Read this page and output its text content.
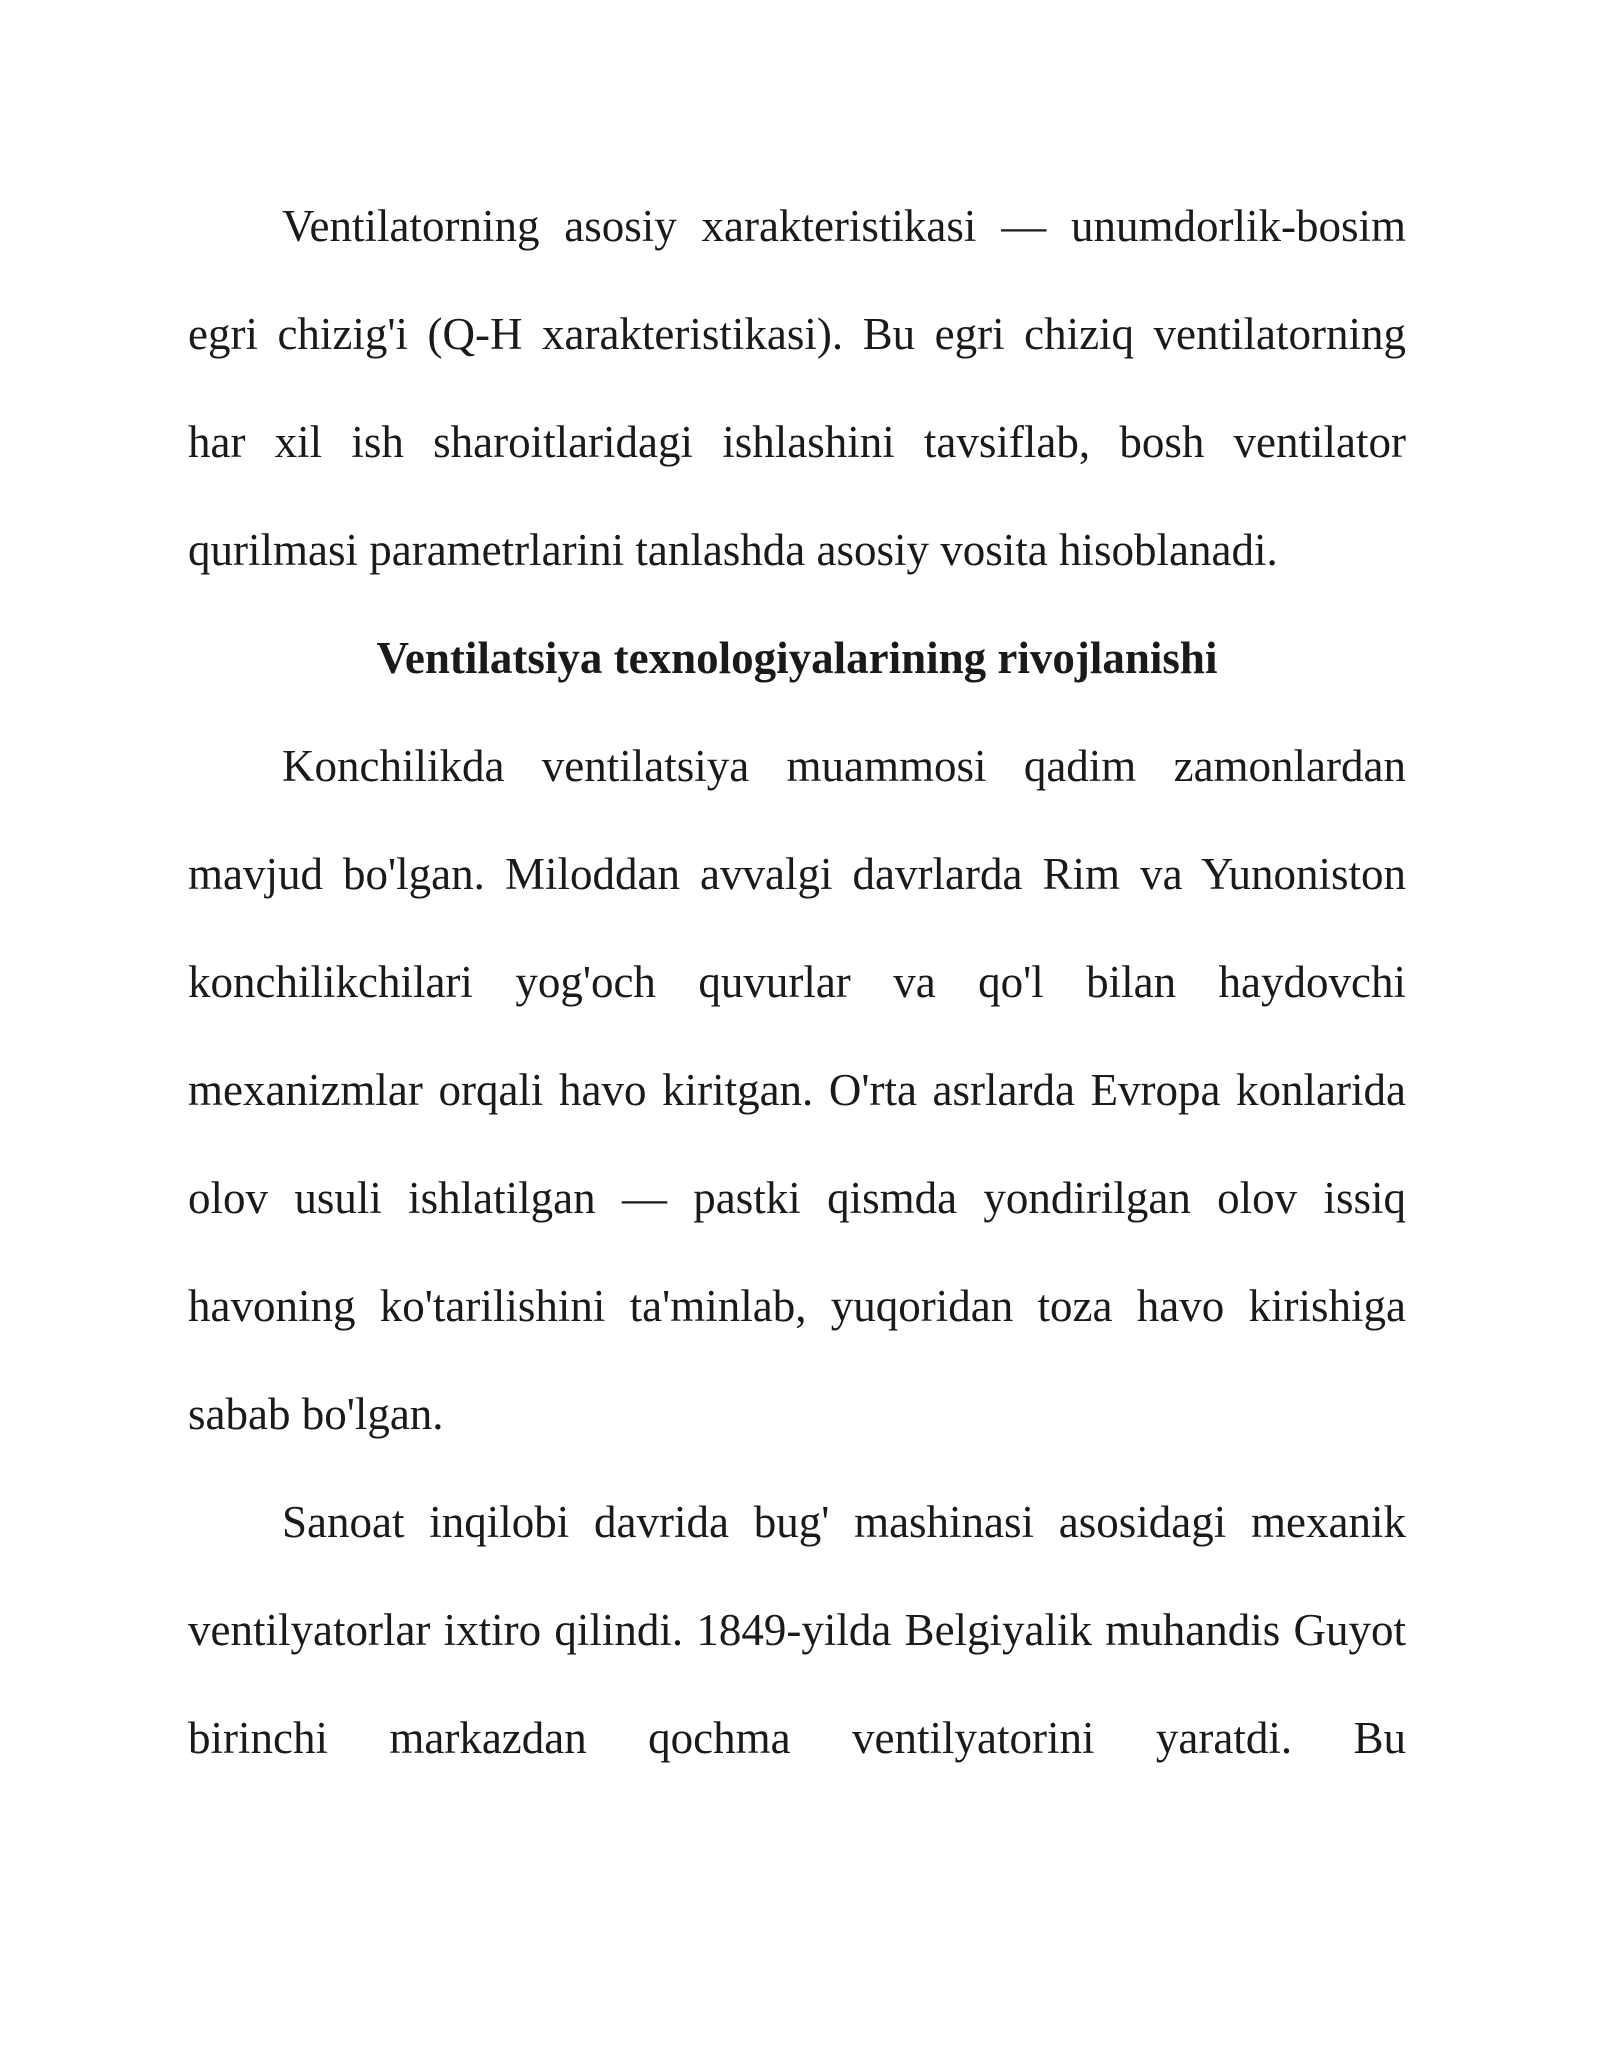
Ventilatorning asosiy xarakteristikasi — unumdorlik-bosim egri chizig'i (Q-H xarakteristikasi). Bu egri chiziq ventilatorning har xil ish sharoitlaridagi ishlashini tavsiflab, bosh ventilator qurilmasi parametrlarini tanlashda asosiy vosita hisoblanadi.

Ventilatsiya texnologiyalarining rivojlanishi

Konchilikda ventilatsiya muammosi qadim zamonlardan mavjud bo'lgan. Miloddan avvalgi davrlarda Rim va Yunoniston konchilikchilari yog'och quvurlar va qo'l bilan haydovchi mexanizmlar orqali havo kiritgan. O'rta asrlarda Evropa konlarida olov usuli ishlatilgan — pastki qismda yondirilgan olov issiq havoning ko'tarilishini ta'minlab, yuqoridan toza havo kirishiga sabab bo'lgan.

Sanoat inqilobi davrida bug' mashinasi asosidagi mexanik ventilyatorlar ixtiro qilindi. 1849-yilda Belgiyalik muhandis Guyot birinchi markazdan qochma ventilyatorini yaratdi. Bu
